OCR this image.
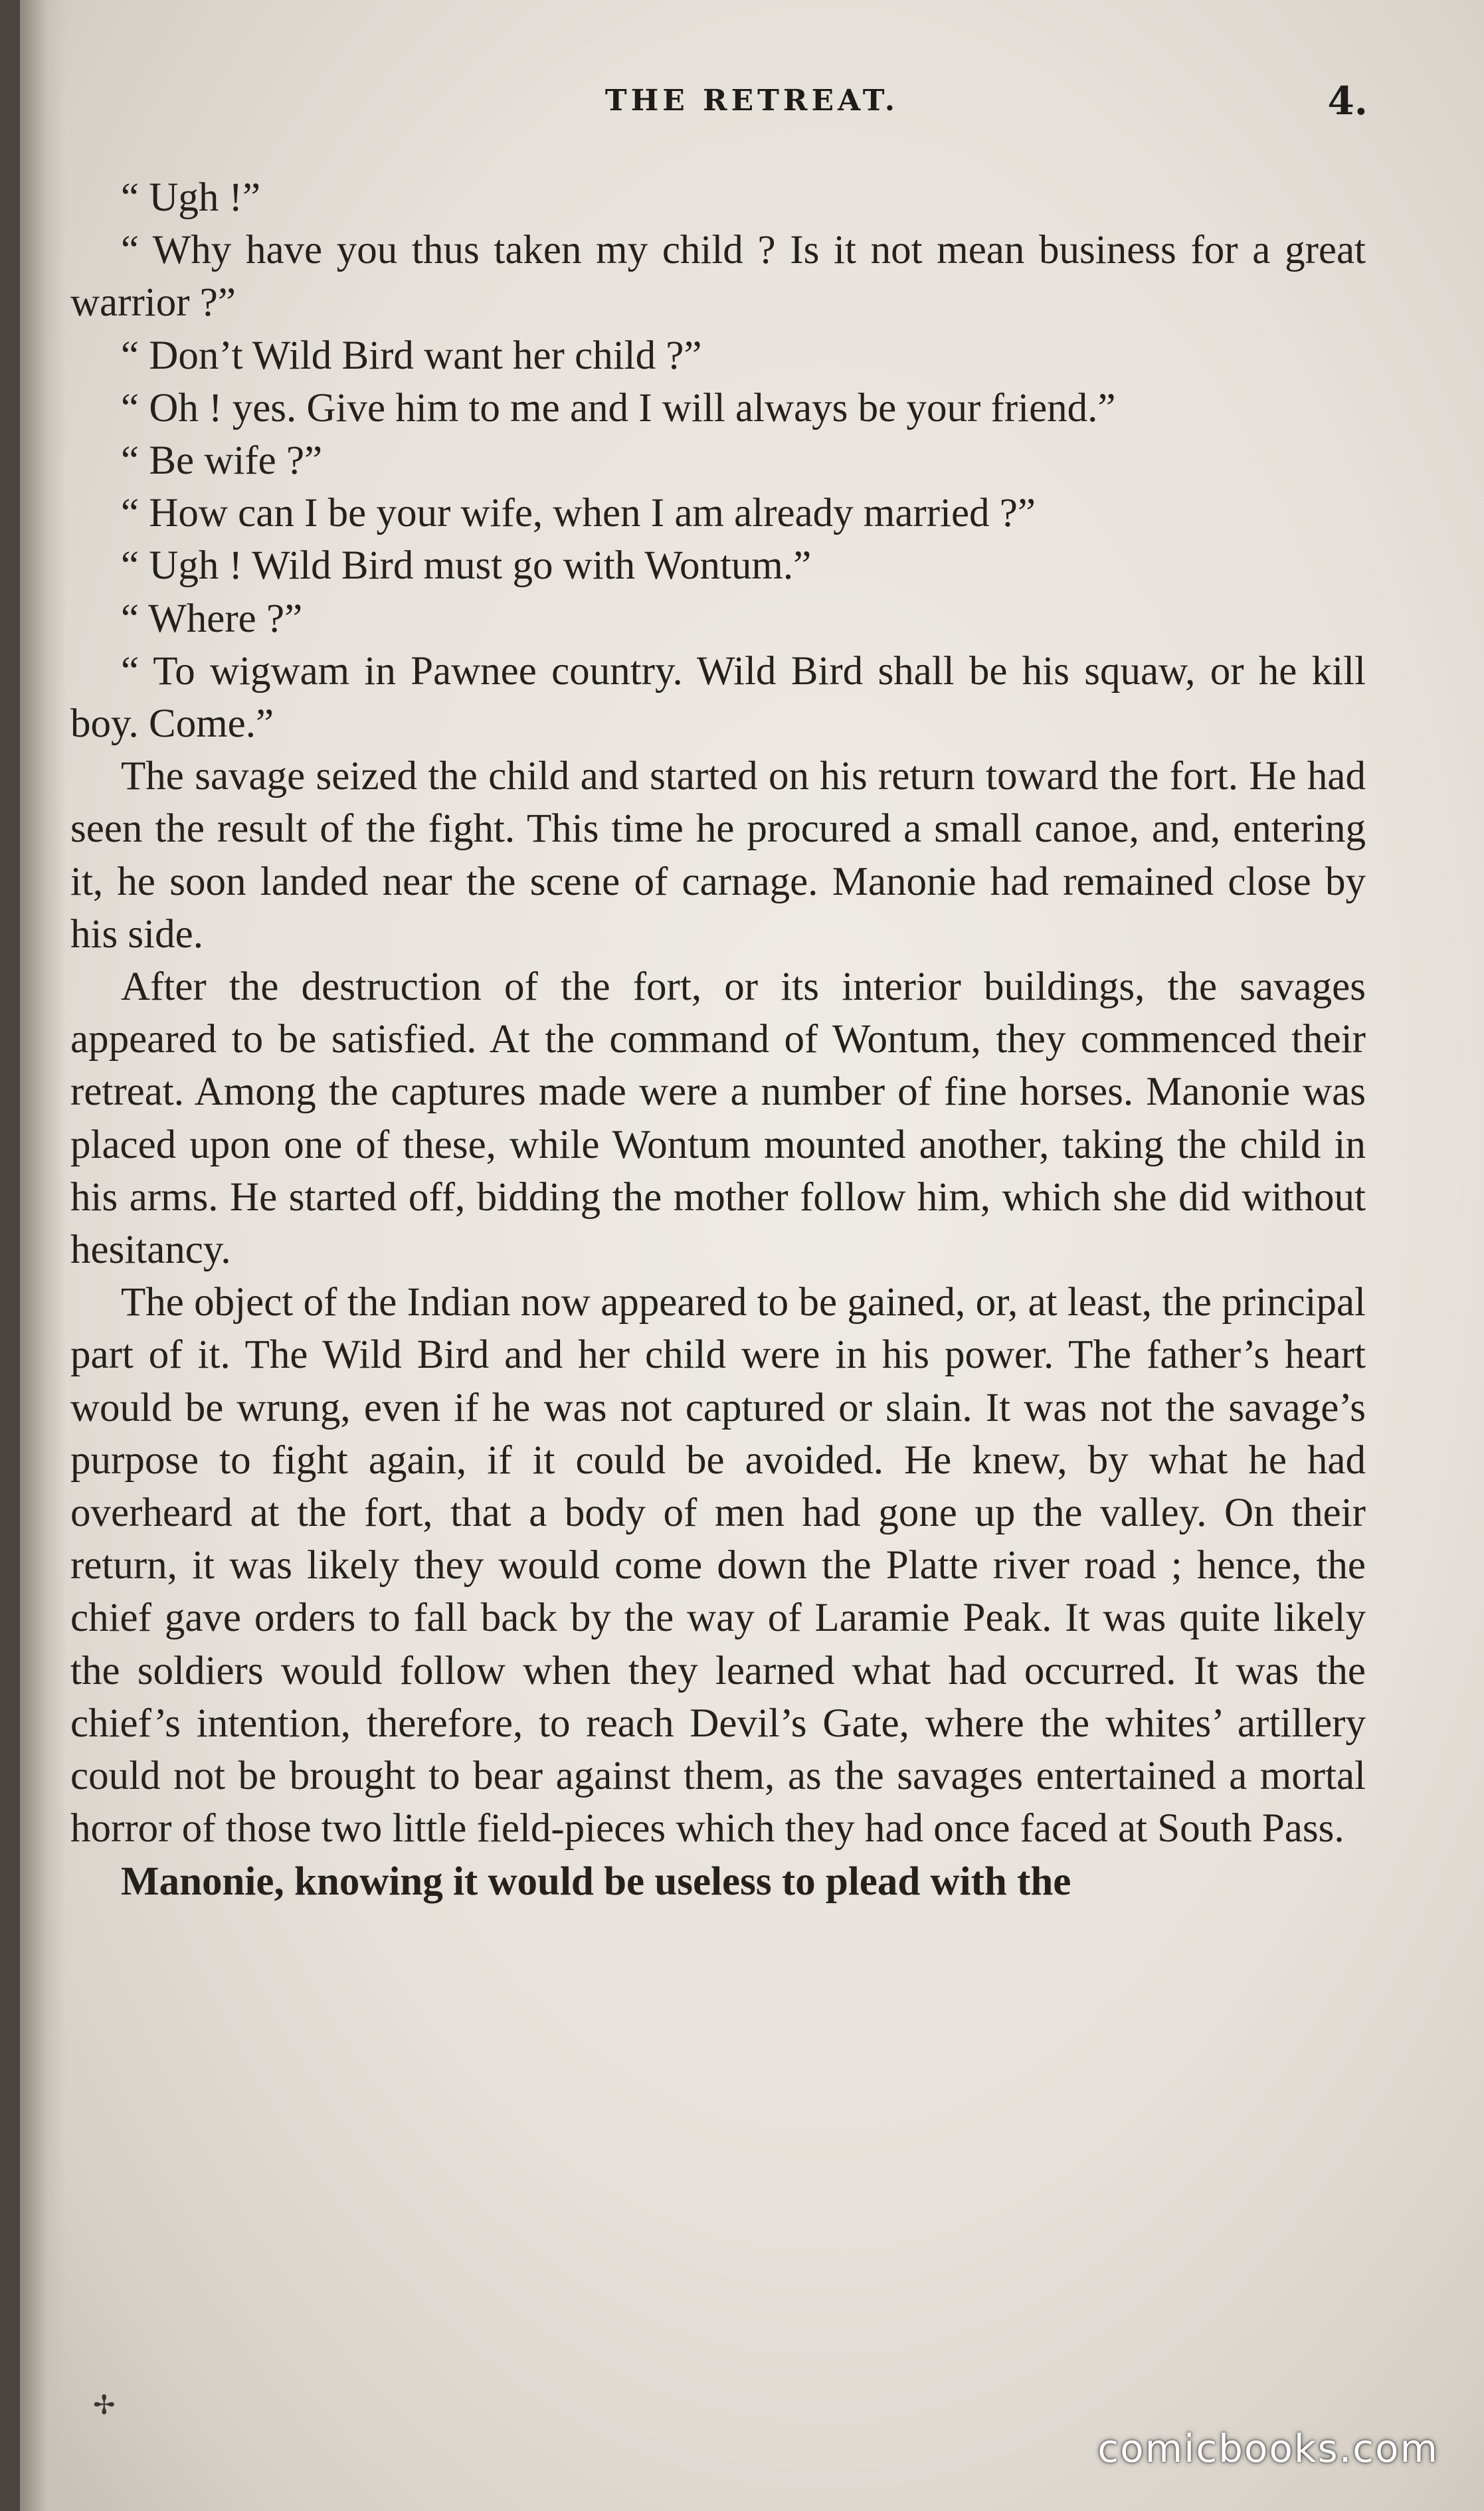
THE RETREAT.	4.

“ Ugh !”

“ Why have you thus taken my child ? Is it not mean business for a great warrior ?”

“ Don’t Wild Bird want her child ?”

“ Oh ! yes. Give him to me and I will always be your friend.”

“ Be wife ?”

“ How can I be your wife, when I am already married ?”

“ Ugh ! Wild Bird must go with Wontum.”

“ Where ?”

“ To wigwam in Pawnee country. Wild Bird shall be his squaw, or he kill boy. Come.”

The savage seized the child and started on his return toward the fort. He had seen the result of the fight. This time he procured a small canoe, and, entering it, he soon landed near the scene of carnage. Manonie had remained close by his side.

After the destruction of the fort, or its interior buildings, the savages appeared to be satisfied. At the command of Wontum, they commenced their retreat. Among the captures made were a number of fine horses. Manonie was placed upon one of these, while Wontum mounted another, taking the child in his arms. He started off, bidding the mother follow him, which she did without hesitancy.

The object of the Indian now appeared to be gained, or, at least, the principal part of it. The Wild Bird and her child were in his power. The father’s heart would be wrung, even if he was not captured or slain. It was not the savage’s purpose to fight again, if it could be avoided. He knew, by what he had overheard at the fort, that a body of men had gone up the valley. On their return, it was likely they would come down the Platte river road ; hence, the chief gave orders to fall back by the way of Laramie Peak. It was quite likely the soldiers would follow when they learned what had occurred. It was the chief’s intention, therefore, to reach Devil’s Gate, where the whites’ artillery could not be brought to bear against them, as the savages entertained a mortal horror of those two little field-pieces which they had once faced at South Pass.

Manonie, knowing it would be useless to plead with the

✢
comicbooks.com
